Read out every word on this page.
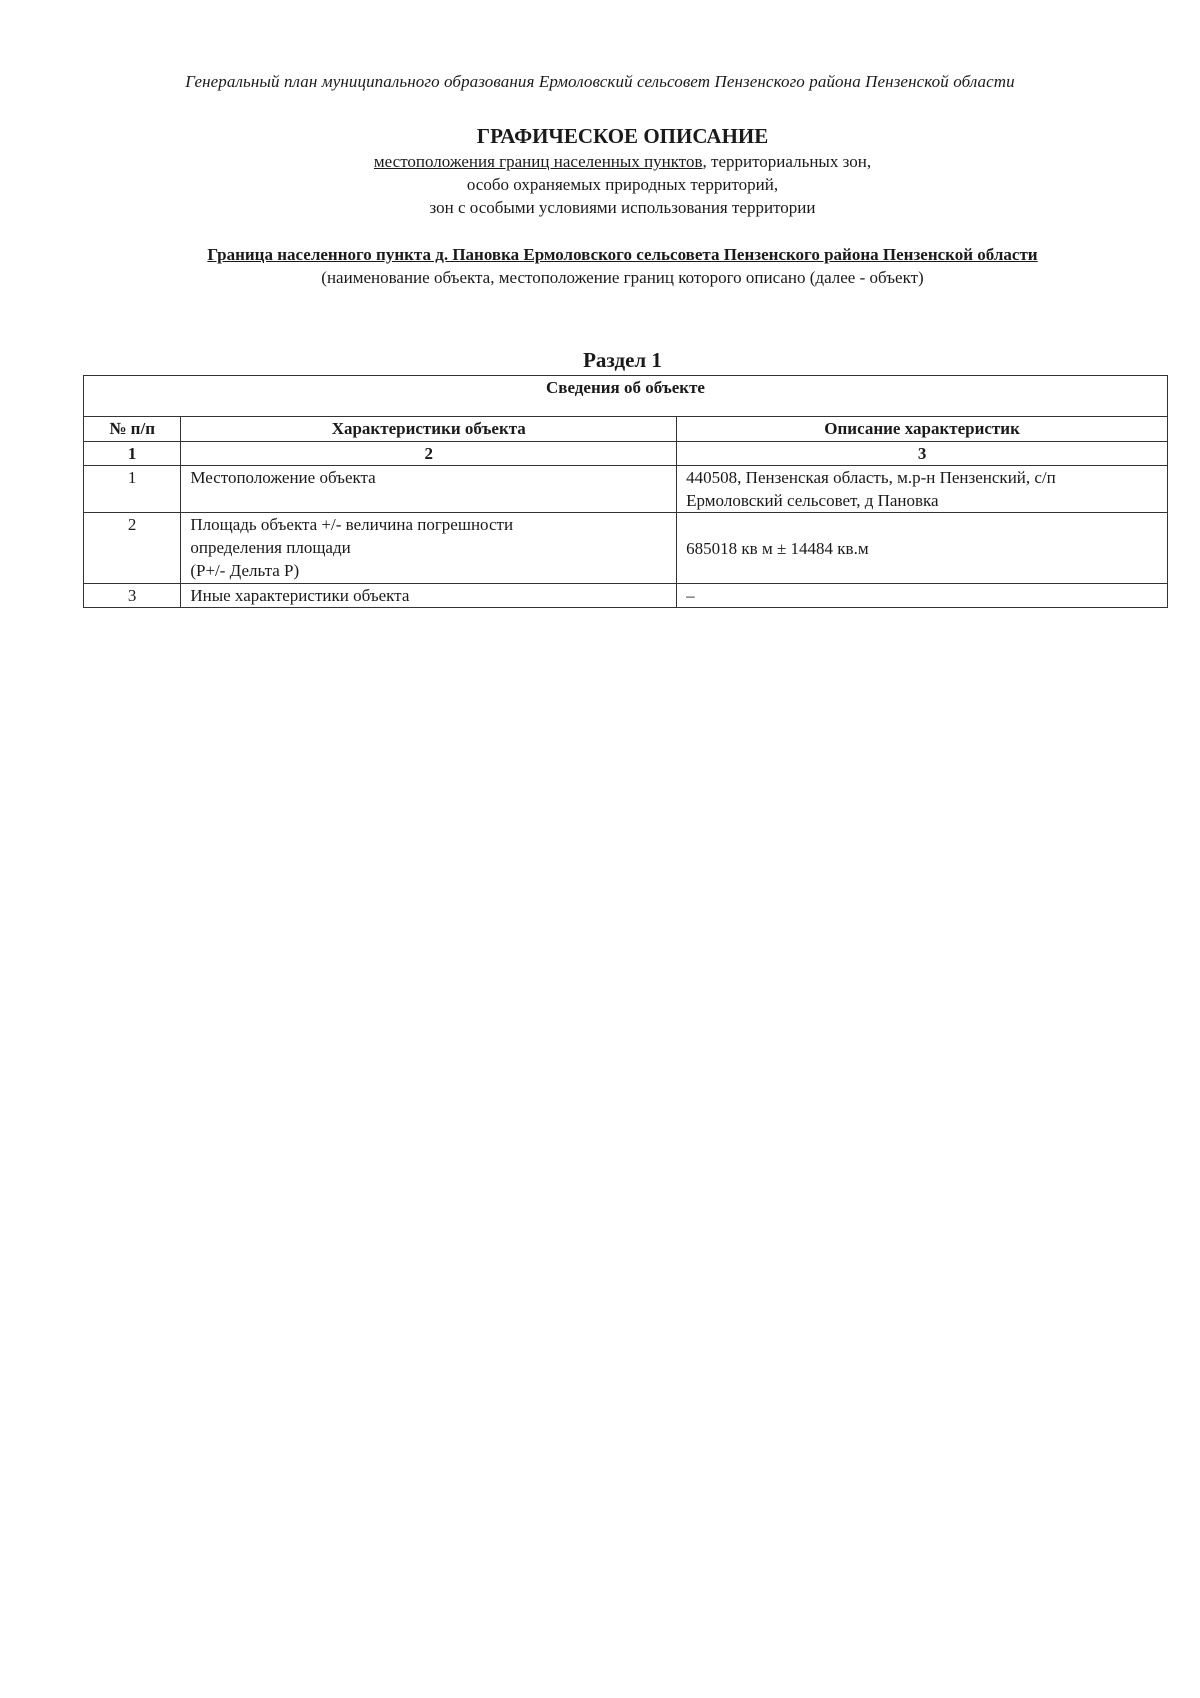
Генеральный план муниципального образования Ермоловский сельсовет Пензенского района Пензенской области
ГРАФИЧЕСКОЕ ОПИСАНИЕ
местоположения границ населенных пунктов, территориальных зон,
особо охраняемых природных территорий,
зон с особыми условиями использования территории
Граница населенного пункта д. Пановка Ермоловского сельсовета Пензенского района Пензенской области
(наименование объекта, местоположение границ которого описано (далее - объект)
Раздел 1
Сведения об объекте		
№ п/п	Характеристики объекта	Описание характеристик
1	2	3
1	Местоположение объекта	440508, Пензенская область, м.р-н Пензенский, с/п
Ермоловский сельсовет, д Пановка

2	Площадь объекта +/- величина погрешности
определения площади
(Р+/- Дельта Р)	685018 кв м ± 14484 кв.м

3	Иные характеристики объекта	–
